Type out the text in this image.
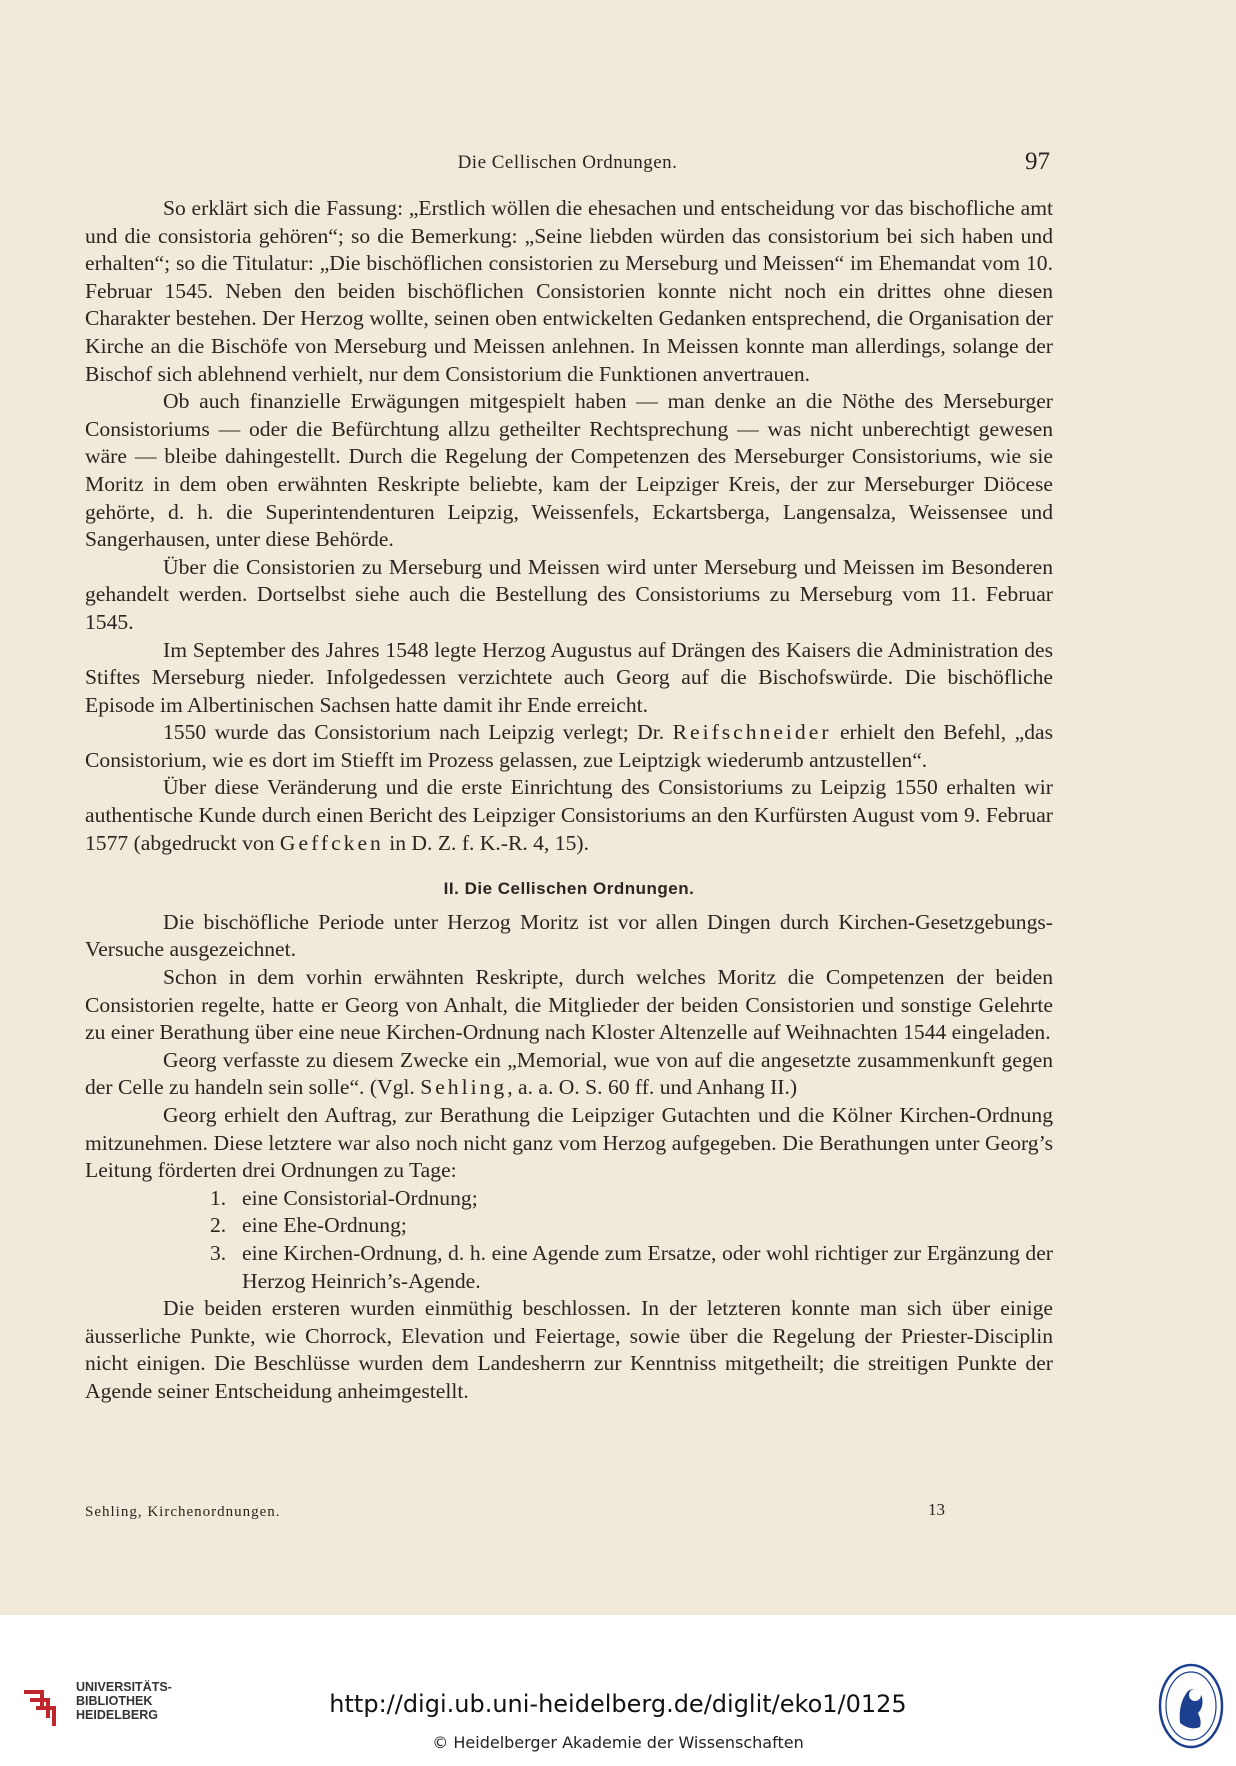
Die Cellischen Ordnungen.	97

So erklärt sich die Fassung: „Erstlich wöllen die ehesachen und entscheidung vor das bischofliche amt und die consistoria gehören“; so die Bemerkung: „Seine liebden würden das consistorium bei sich haben und erhalten“; so die Titulatur: „Die bischöflichen consistorien zu Merseburg und Meissen“ im Ehemandat vom 10. Februar 1545. Neben den beiden bischöflichen Consistorien konnte nicht noch ein drittes ohne diesen Charakter bestehen. Der Herzog wollte, seinen oben entwickelten Gedanken entsprechend, die Organisation der Kirche an die Bischöfe von Merseburg und Meissen anlehnen. In Meissen konnte man allerdings, solange der Bischof sich ablehnend verhielt, nur dem Consistorium die Funktionen anvertrauen.

Ob auch finanzielle Erwägungen mitgespielt haben — man denke an die Nöthe des Merseburger Consistoriums — oder die Befürchtung allzu getheilter Rechtsprechung — was nicht unberechtigt gewesen wäre — bleibe dahingestellt. Durch die Regelung der Competenzen des Merseburger Consistoriums, wie sie Moritz in dem oben erwähnten Reskripte beliebte, kam der Leipziger Kreis, der zur Merseburger Diöcese gehörte, d. h. die Superintendenturen Leipzig, Weissenfels, Eckartsberga, Langensalza, Weissensee und Sangerhausen, unter diese Behörde.

Über die Consistorien zu Merseburg und Meissen wird unter Merseburg und Meissen im Besonderen gehandelt werden. Dortselbst siehe auch die Bestellung des Consistoriums zu Merseburg vom 11. Februar 1545.

Im September des Jahres 1548 legte Herzog Augustus auf Drängen des Kaisers die Administration des Stiftes Merseburg nieder. Infolgedessen verzichtete auch Georg auf die Bischofswürde. Die bischöfliche Episode im Albertinischen Sachsen hatte damit ihr Ende erreicht.

1550 wurde das Consistorium nach Leipzig verlegt; Dr. Reifschneider erhielt den Befehl, „das Consistorium, wie es dort im Stiefft im Prozess gelassen, zue Leiptzigk wiederumb antzustellen“.

Über diese Veränderung und die erste Einrichtung des Consistoriums zu Leipzig 1550 erhalten wir authentische Kunde durch einen Bericht des Leipziger Consistoriums an den Kurfürsten August vom 9. Februar 1577 (abgedruckt von Geffcken in D. Z. f. K.-R. 4, 15).

II. Die Cellischen Ordnungen.

Die bischöfliche Periode unter Herzog Moritz ist vor allen Dingen durch Kirchen-Gesetzgebungs-Versuche ausgezeichnet.

Schon in dem vorhin erwähnten Reskripte, durch welches Moritz die Competenzen der beiden Consistorien regelte, hatte er Georg von Anhalt, die Mitglieder der beiden Consistorien und sonstige Gelehrte zu einer Berathung über eine neue Kirchen-Ordnung nach Kloster Altenzelle auf Weihnachten 1544 eingeladen.

Georg verfasste zu diesem Zwecke ein „Memorial, wue von auf die angesetzte zusammenkunft gegen der Celle zu handeln sein solle“. (Vgl. Sehling, a. a. O. S. 60 ff. und Anhang II.)

Georg erhielt den Auftrag, zur Berathung die Leipziger Gutachten und die Kölner Kirchen-Ordnung mitzunehmen. Diese letztere war also noch nicht ganz vom Herzog aufgegeben. Die Berathungen unter Georg’s Leitung förderten drei Ordnungen zu Tage:

1. eine Consistorial-Ordnung;
2. eine Ehe-Ordnung;
3. eine Kirchen-Ordnung, d. h. eine Agende zum Ersatze, oder wohl richtiger zur Ergänzung der Herzog Heinrich’s-Agende.

Die beiden ersteren wurden einmüthig beschlossen. In der letzteren konnte man sich über einige äusserliche Punkte, wie Chorrock, Elevation und Feiertage, sowie über die Regelung der Priester-Disciplin nicht einigen. Die Beschlüsse wurden dem Landesherrn zur Kenntniss mitgetheilt; die streitigen Punkte der Agende seiner Entscheidung anheimgestellt.

Sehling, Kirchenordnungen.	13
UNIVERSITÄTS-
BIBLIOTHEK
HEIDELBERG	http://digi.ub.uni-heidelberg.de/diglit/eko1/0125
© Heidelberger Akademie der Wissenschaften
